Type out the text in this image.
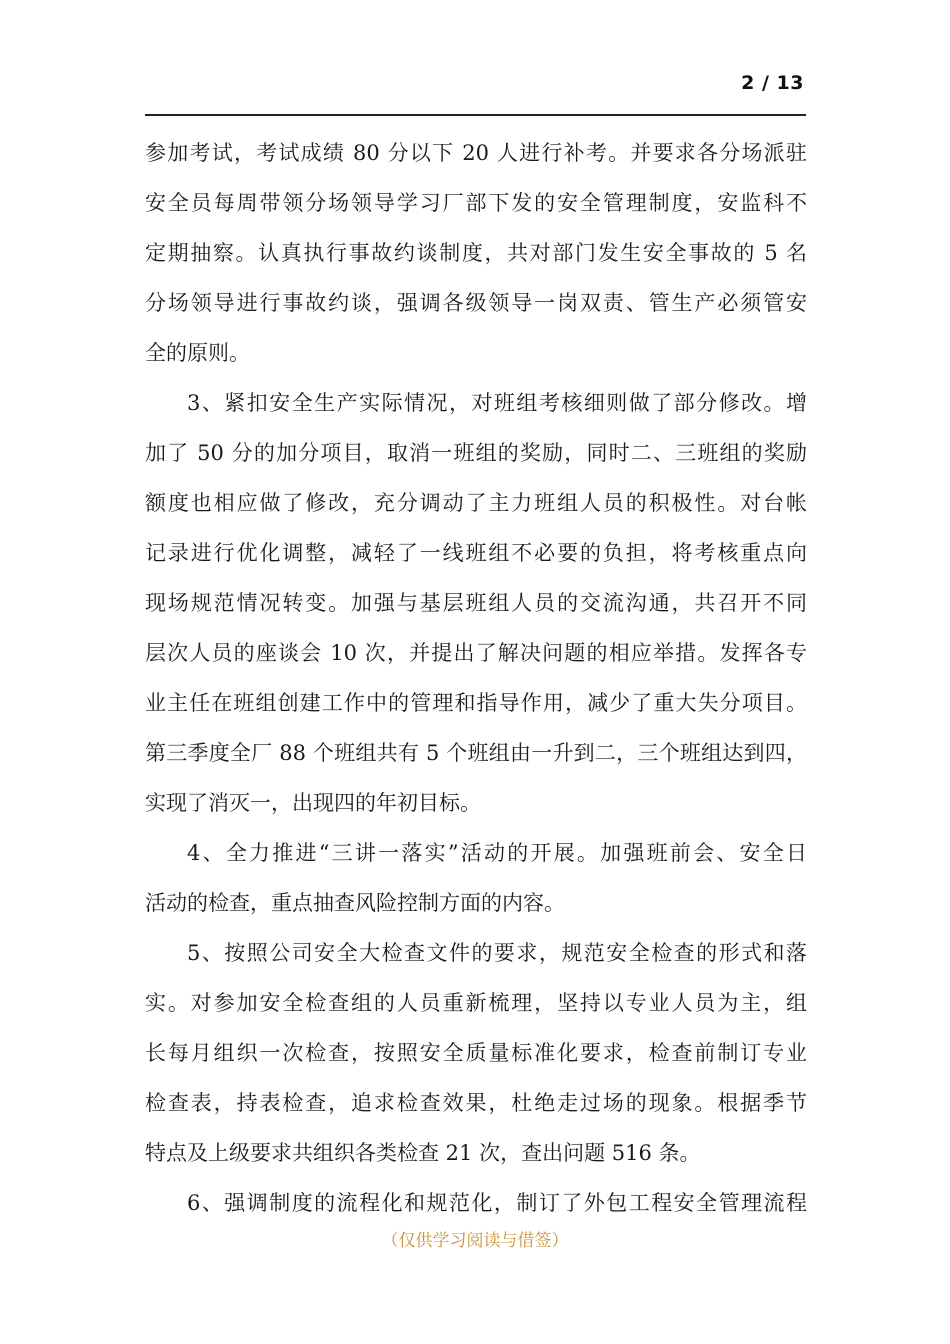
2 / 13
参加考试，考试成绩 80 分以下 20 人进行补考。并要求各分场派驻
安全员每周带领分场领导学习厂部下发的安全管理制度，安监科不
定期抽察。认真执行事故约谈制度，共对部门发生安全事故的 5 名
分场领导进行事故约谈，强调各级领导一岗双责、管生产必须管安
全的原则。
3、紧扣安全生产实际情况，对班组考核细则做了部分修改。增
加了 50 分的加分项目，取消一班组的奖励，同时二、三班组的奖励
额度也相应做了修改，充分调动了主力班组人员的积极性。对台帐
记录进行优化调整，减轻了一线班组不必要的负担，将考核重点向
现场规范情况转变。加强与基层班组人员的交流沟通，共召开不同
层次人员的座谈会 10 次，并提出了解决问题的相应举措。发挥各专
业主任在班组创建工作中的管理和指导作用，减少了重大失分项目。
第三季度全厂 88 个班组共有 5 个班组由一升到二，三个班组达到四，
实现了消灭一，出现四的年初目标。
4、全力推进“三讲一落实”活动的开展。加强班前会、安全日
活动的检查，重点抽查风险控制方面的内容。
5、按照公司安全大检查文件的要求，规范安全检查的形式和落
实。对参加安全检查组的人员重新梳理，坚持以专业人员为主，组
长每月组织一次检查，按照安全质量标准化要求，检查前制订专业
检查表，持表检查，追求检查效果，杜绝走过场的现象。根据季节
特点及上级要求共组织各类检查 21 次，查出问题 516 条。
6、强调制度的流程化和规范化，制订了外包工程安全管理流程
（仅供学习阅读与借签）
